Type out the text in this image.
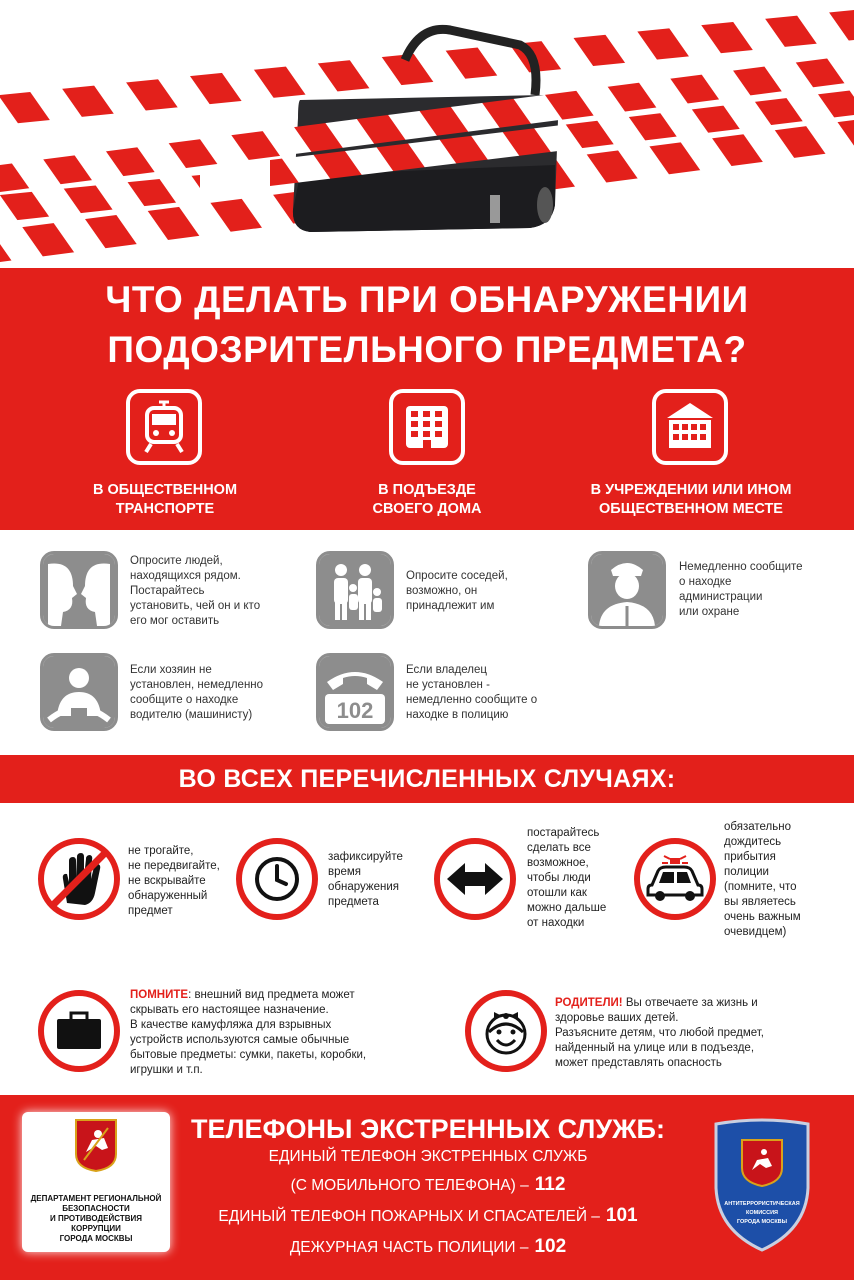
ЧТО ДЕЛАТЬ ПРИ ОБНАРУЖЕНИИ
ПОДОЗРИТЕЛЬНОГО ПРЕДМЕТА?
В ОБЩЕСТВЕННОМ
ТРАНСПОРТЕ
В ПОДЪЕЗДЕ
СВОЕГО ДОМА
В УЧРЕЖДЕНИИ ИЛИ ИНОМ
ОБЩЕСТВЕННОМ МЕСТЕ
Опросите людей,
находящихся рядом.
Постарайтесь
установить, чей он и кто
его мог оставить
Опросите соседей,
возможно, он
принадлежит им
Немедленно сообщите
о находке
администрации
или охране
Если хозяин не
установлен, немедленно
сообщите о находке
водителю (машинисту)	102
Если владелец
не установлен -
немедленно сообщите о
находке в полицию
ВО ВСЕХ ПЕРЕЧИСЛЕННЫХ СЛУЧАЯХ:
не трогайте,
не передвигайте,
не вскрывайте
обнаруженный
предмет
зафиксируйте
время
обнаружения
предмета
постарайтесь
сделать все
возможное,
чтобы люди
отошли как
можно дальше
от находки
обязательно
дождитесь
прибытия
полиции
(помните, что
вы являетесь
очень важным
очевидцем)
ПОМНИТЕ: внешний вид предмета может
скрывать его настоящее назначение.
В качестве камуфляжа для взрывных
устройств используются самые обычные
бытовые предметы: сумки, пакеты, коробки,
игрушки и т.п.
РОДИТЕЛИ! Вы отвечаете за жизнь и
здоровье ваших детей.
Разъясните детям, что любой предмет,
найденный на улице или в подъезде,
может представлять опасность
ДЕПАРТАМЕНТ РЕГИОНАЛЬНОЙ
БЕЗОПАСНОСТИ
И ПРОТИВОДЕЙСТВИЯ
КОРРУПЦИИ
ГОРОДА МОСКВЫ
ТЕЛЕФОНЫ ЭКСТРЕННЫХ СЛУЖБ:
ЕДИНЫЙ ТЕЛЕФОН ЭКСТРЕННЫХ СЛУЖБ
(С МОБИЛЬНОГО ТЕЛЕФОНА) – 112
ЕДИНЫЙ ТЕЛЕФОН ПОЖАРНЫХ И СПАСАТЕЛЕЙ – 101
ДЕЖУРНАЯ ЧАСТЬ ПОЛИЦИИ – 102
АНТИТЕРРОРИСТИЧЕСКАЯ
КОМИССИЯ
ГОРОДА МОСКВЫ
